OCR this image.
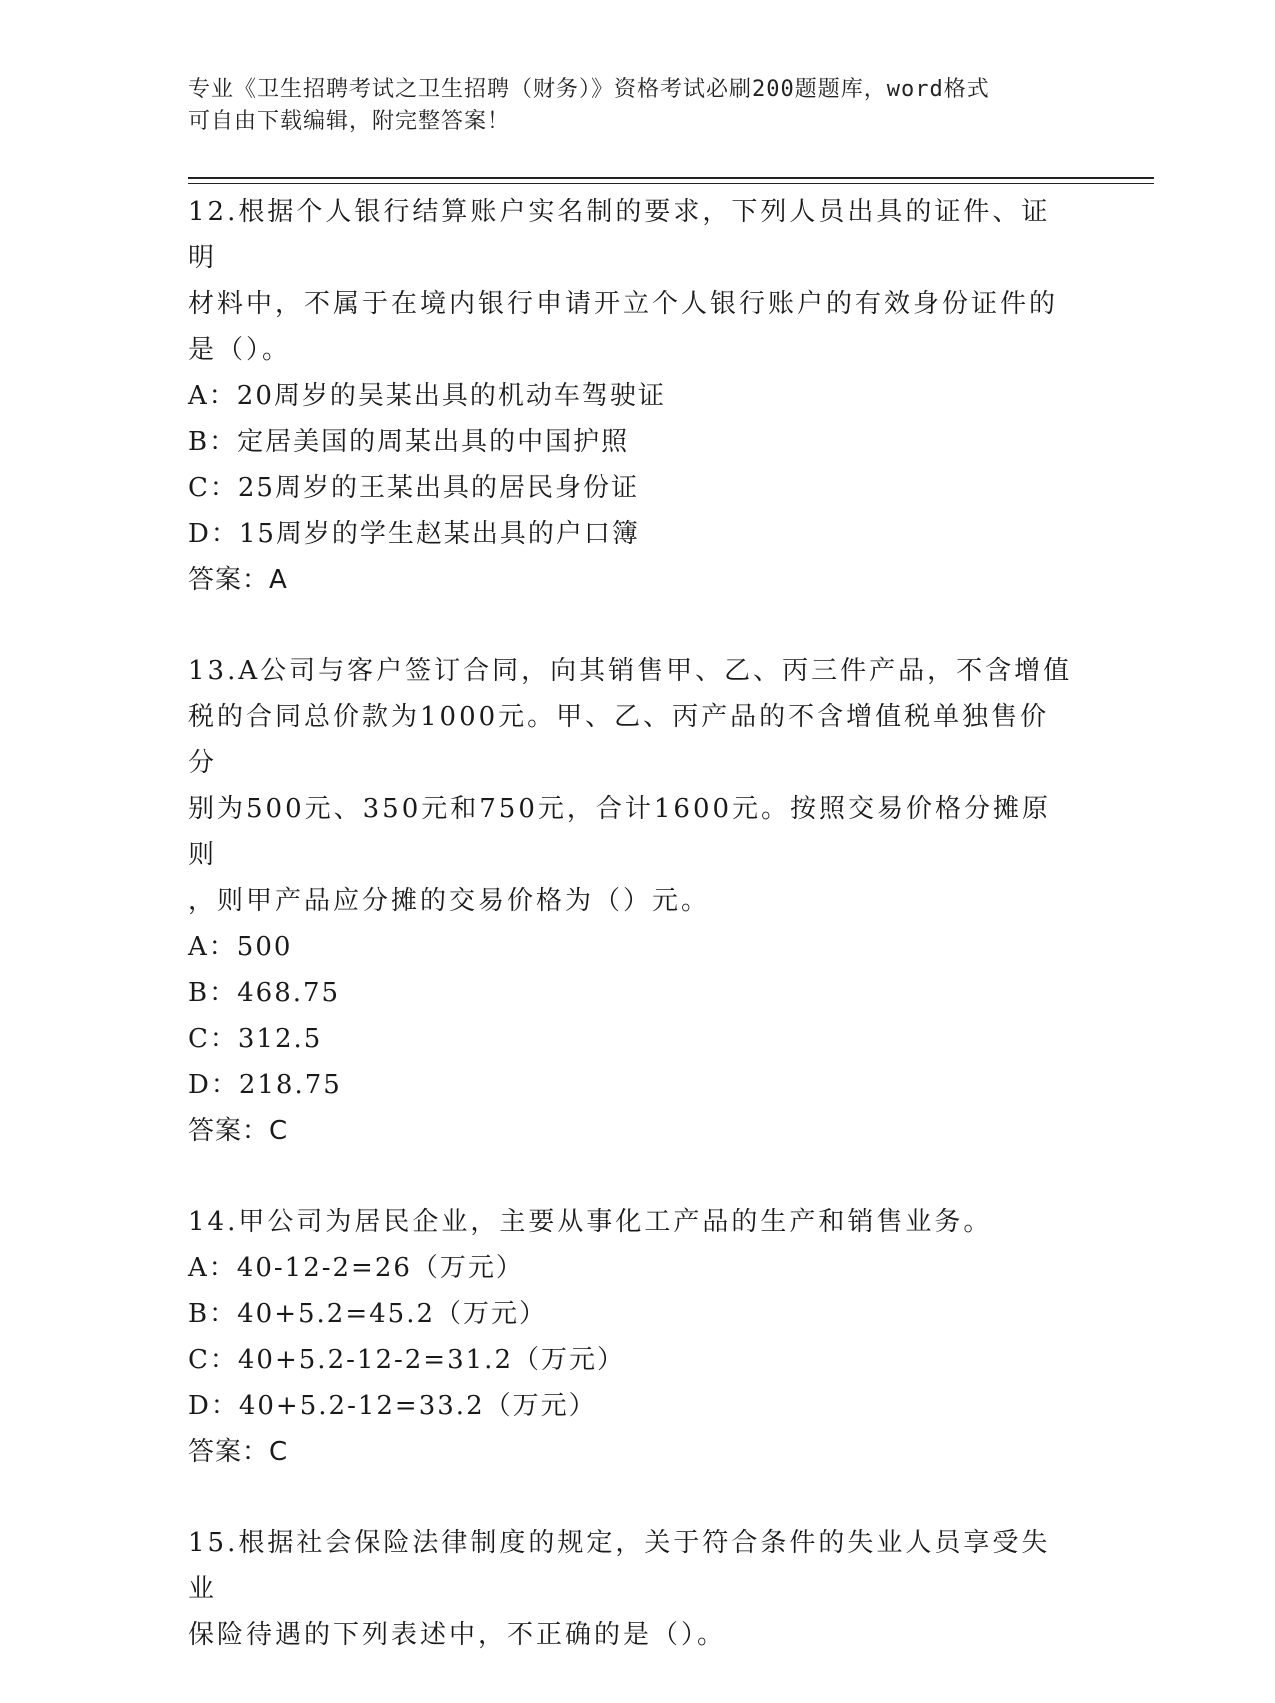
专业《卫生招聘考试之卫生招聘（财务）》资格考试必刷200题题库，word格式
可自由下载编辑，附完整答案！

12.根据个人银行结算账户实名制的要求，下列人员出具的证件、证明

材料中，不属于在境内银行申请开立个人银行账户的有效身份证件的

是（）。

A：20周岁的吴某出具的机动车驾驶证

B：定居美国的周某出具的中国护照

C：25周岁的王某出具的居民身份证

D：15周岁的学生赵某出具的户口簿

答案：A

13.A公司与客户签订合同，向其销售甲、乙、丙三件产品，不含增值

税的合同总价款为1000元。甲、乙、丙产品的不含增值税单独售价分

别为500元、350元和750元，合计1600元。按照交易价格分摊原则

，则甲产品应分摊的交易价格为（）元。

A：500

B：468.75

C：312.5

D：218.75

答案：C

14.甲公司为居民企业，主要从事化工产品的生产和销售业务。

A：40-12-2=26（万元）

B：40+5.2=45.2（万元）

C：40+5.2-12-2=31.2（万元）

D：40+5.2-12=33.2（万元）

答案：C

15.根据社会保险法律制度的规定，关于符合条件的失业人员享受失业

保险待遇的下列表述中，不正确的是（）。
